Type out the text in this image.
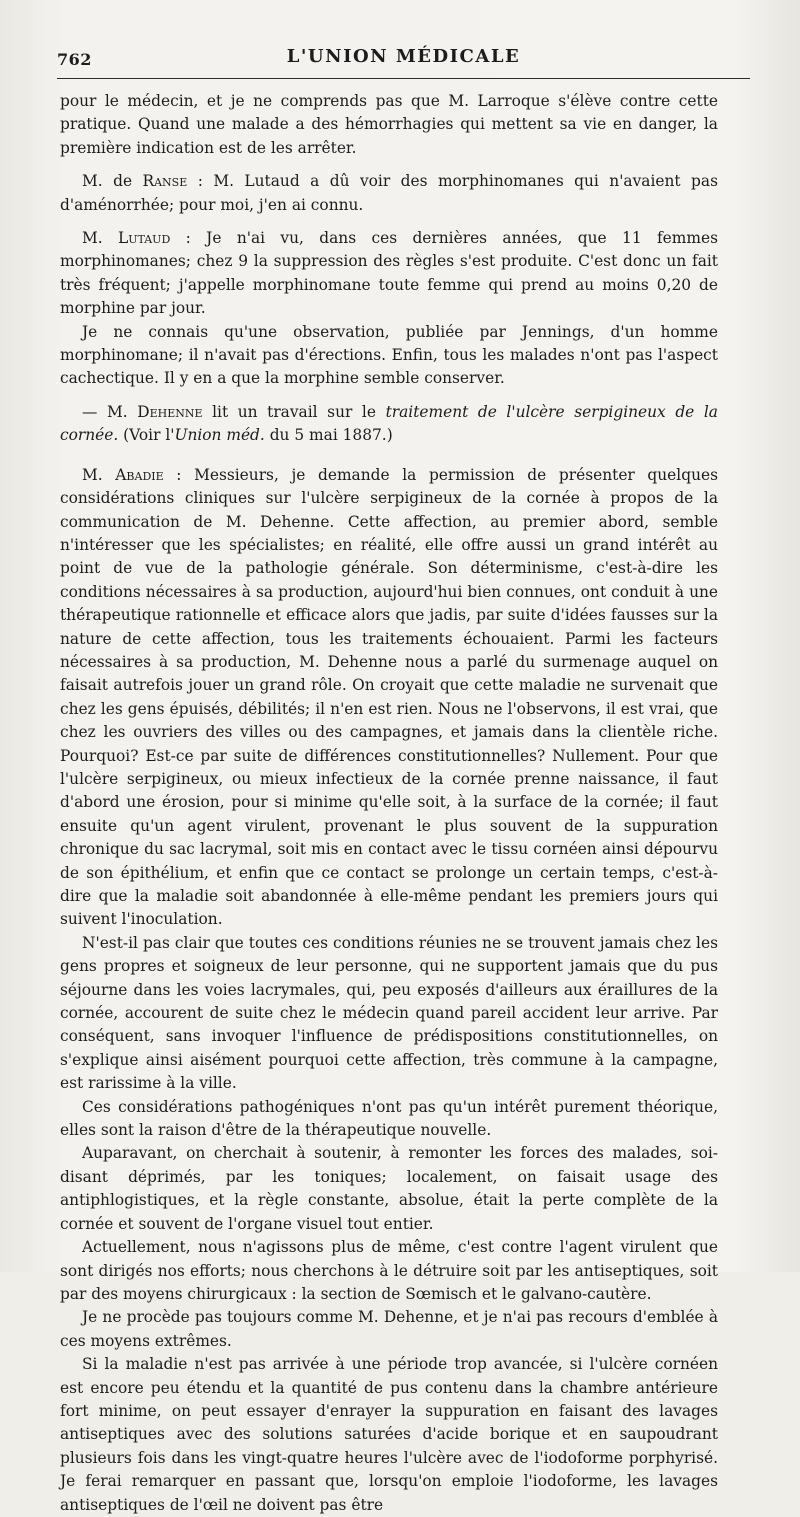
762	L'UNION MÉDICALE

pour le médecin, et je ne comprends pas que M. Larroque s'élève contre cette pratique. Quand une malade a des hémorrhagies qui mettent sa vie en danger, la première indication est de les arrêter.

M. de Ranse : M. Lutaud a dû voir des morphinomanes qui n'avaient pas d'aménorrhée; pour moi, j'en ai connu.

M. Lutaud : Je n'ai vu, dans ces dernières années, que 11 femmes morphinomanes; chez 9 la suppression des règles s'est produite. C'est donc un fait très fréquent; j'appelle morphinomane toute femme qui prend au moins 0,20 de morphine par jour.

Je ne connais qu'une observation, publiée par Jennings, d'un homme morphinomane; il n'avait pas d'érections. Enfin, tous les malades n'ont pas l'aspect cachectique. Il y en a que la morphine semble conserver.

— M. Dehenne lit un travail sur le traitement de l'ulcère serpigineux de la cornée. (Voir l'Union méd. du 5 mai 1887.)

M. Abadie : Messieurs, je demande la permission de présenter quelques considérations cliniques sur l'ulcère serpigineux de la cornée à propos de la communication de M. Dehenne. Cette affection, au premier abord, semble n'intéresser que les spécialistes; en réalité, elle offre aussi un grand intérêt au point de vue de la pathologie générale. Son déterminisme, c'est-à-dire les conditions nécessaires à sa production, aujourd'hui bien connues, ont conduit à une thérapeutique rationnelle et efficace alors que jadis, par suite d'idées fausses sur la nature de cette affection, tous les traitements échouaient. Parmi les facteurs nécessaires à sa production, M. Dehenne nous a parlé du surmenage auquel on faisait autrefois jouer un grand rôle. On croyait que cette maladie ne survenait que chez les gens épuisés, débilités; il n'en est rien. Nous ne l'observons, il est vrai, que chez les ouvriers des villes ou des campagnes, et jamais dans la clientèle riche. Pourquoi? Est-ce par suite de différences constitutionnelles? Nullement. Pour que l'ulcère serpigineux, ou mieux infectieux de la cornée prenne naissance, il faut d'abord une érosion, pour si minime qu'elle soit, à la surface de la cornée; il faut ensuite qu'un agent virulent, provenant le plus souvent de la suppuration chronique du sac lacrymal, soit mis en contact avec le tissu cornéen ainsi dépourvu de son épithélium, et enfin que ce contact se prolonge un certain temps, c'est-à-dire que la maladie soit abandonnée à elle-même pendant les premiers jours qui suivent l'inoculation.

N'est-il pas clair que toutes ces conditions réunies ne se trouvent jamais chez les gens propres et soigneux de leur personne, qui ne supportent jamais que du pus séjourne dans les voies lacrymales, qui, peu exposés d'ailleurs aux éraillures de la cornée, accourent de suite chez le médecin quand pareil accident leur arrive. Par conséquent, sans invoquer l'influence de prédispositions constitutionnelles, on s'explique ainsi aisément pourquoi cette affection, très commune à la campagne, est rarissime à la ville.

Ces considérations pathogéniques n'ont pas qu'un intérêt purement théorique, elles sont la raison d'être de la thérapeutique nouvelle.

Auparavant, on cherchait à soutenir, à remonter les forces des malades, soi-disant déprimés, par les toniques; localement, on faisait usage des antiphlogistiques, et la règle constante, absolue, était la perte complète de la cornée et souvent de l'organe visuel tout entier.

Actuellement, nous n'agissons plus de même, c'est contre l'agent virulent que sont dirigés nos efforts; nous cherchons à le détruire soit par les antiseptiques, soit par des moyens chirurgicaux : la section de Sœmisch et le galvano-cautère.

Je ne procède pas toujours comme M. Dehenne, et je n'ai pas recours d'emblée à ces moyens extrêmes.

Si la maladie n'est pas arrivée à une période trop avancée, si l'ulcère cornéen est encore peu étendu et la quantité de pus contenu dans la chambre antérieure fort minime, on peut essayer d'enrayer la suppuration en faisant des lavages antiseptiques avec des solutions saturées d'acide borique et en saupoudrant plusieurs fois dans les vingt-quatre heures l'ulcère avec de l'iodoforme porphyrisé. Je ferai remarquer en passant que, lorsqu'on emploie l'iodoforme, les lavages antiseptiques de l'œil ne doivent pas être
